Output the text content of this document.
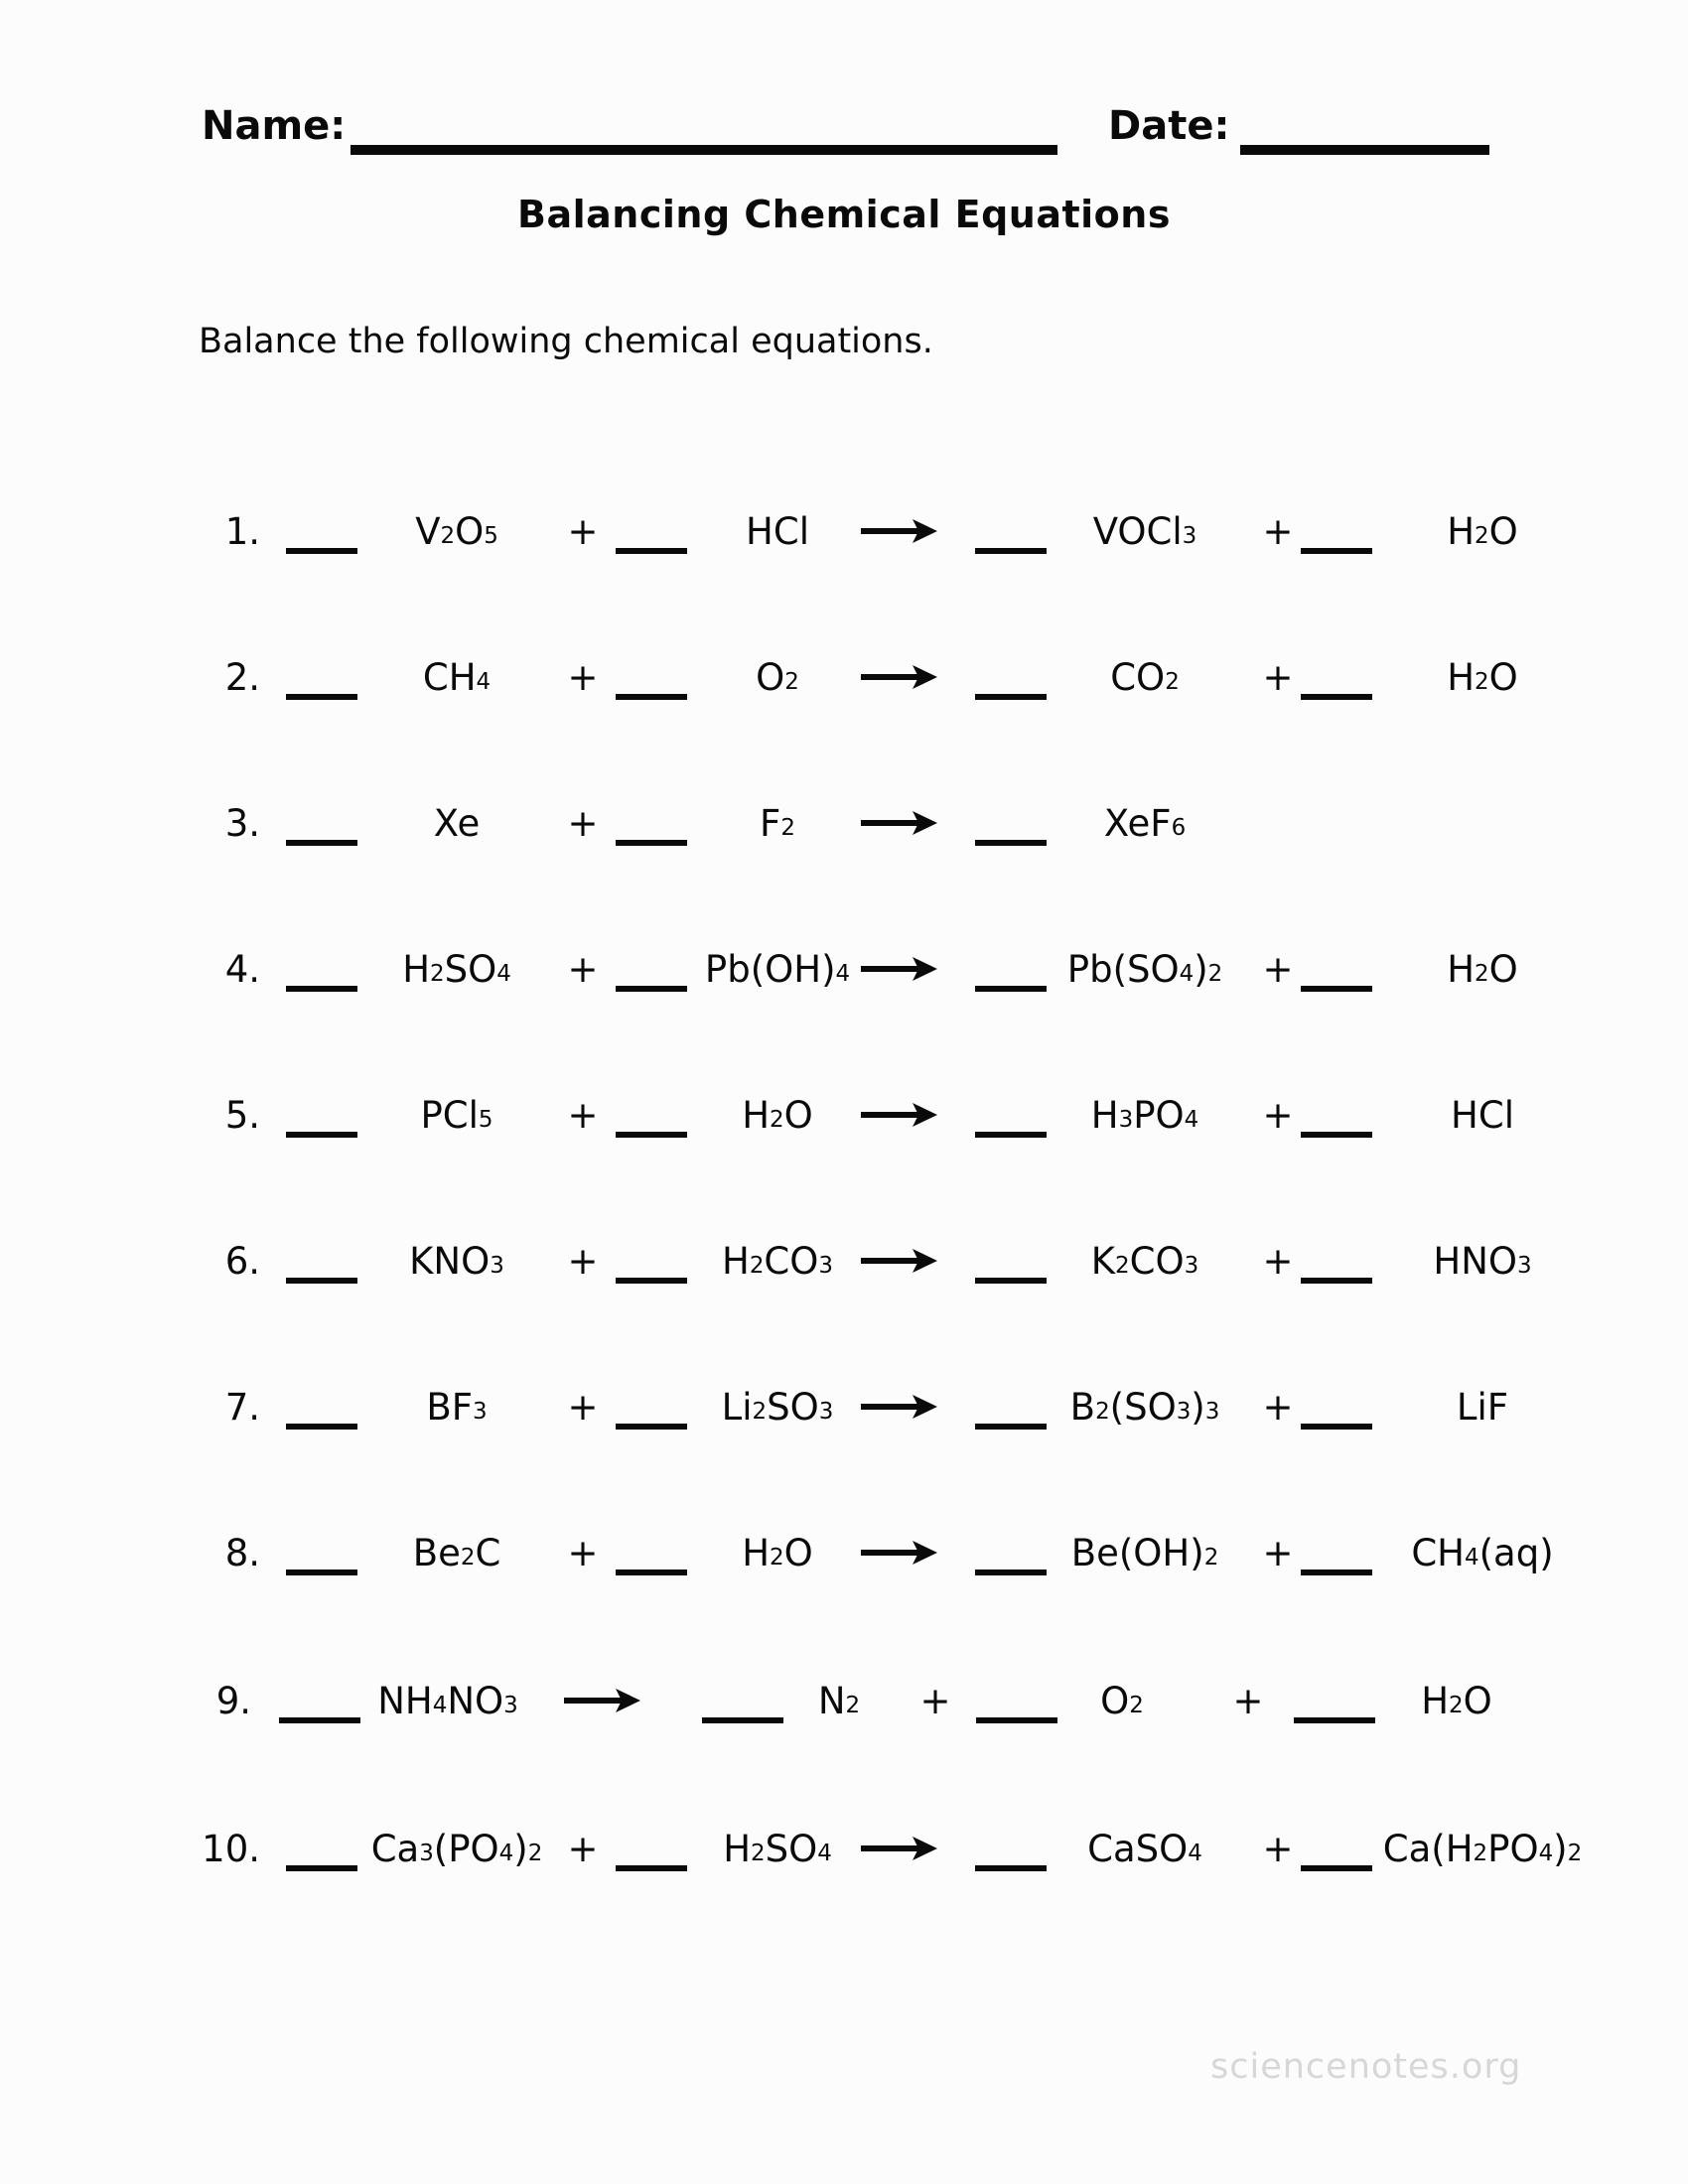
Name:	Date:
Balancing Chemical Equations
Balance the following chemical equations.
1.	$V_2$ $O_5$ +	HCl	VOCl$_3$ +	$H_2$ O
2.	$CH_4$ +	$O_2$	$CO_2$ +	$H_2$ O
3.	Xe +	$F_2$	XeF$_6$
4.	$H_2$ $SO_4$ +	$Pb(OH)_4$	$Pb(SO_4$ )$_2$ +	$H_2$ O
5.	PCl$_5$ +	$H_2$ O	$H_3$ $PO_4$ +	HCl
6.	$KNO_3$ +	$H_2$ $CO_3$	$K_2$ $CO_3$ +	$HNO_3$
7.	$BF_3$ +	$Li_2$ $SO_3$	$B_2$ ($SO_3$ )$_3$ +	LiF
8.	$Be_2$ C +	$H_2$ O	$Be(OH)_2$ +	$CH_4$ (aq)
9.	$NH_4$ $NO_3$	$N_2$ +	$O_2$ +	$H_2$ O
10.	$Ca_3$ ($PO_4$ )$_2$ +	$H_2$ $SO_4$	CaSO$_4$ + $Ca(H_2$ $PO_4$ )$_2$
sciencenotes.org
